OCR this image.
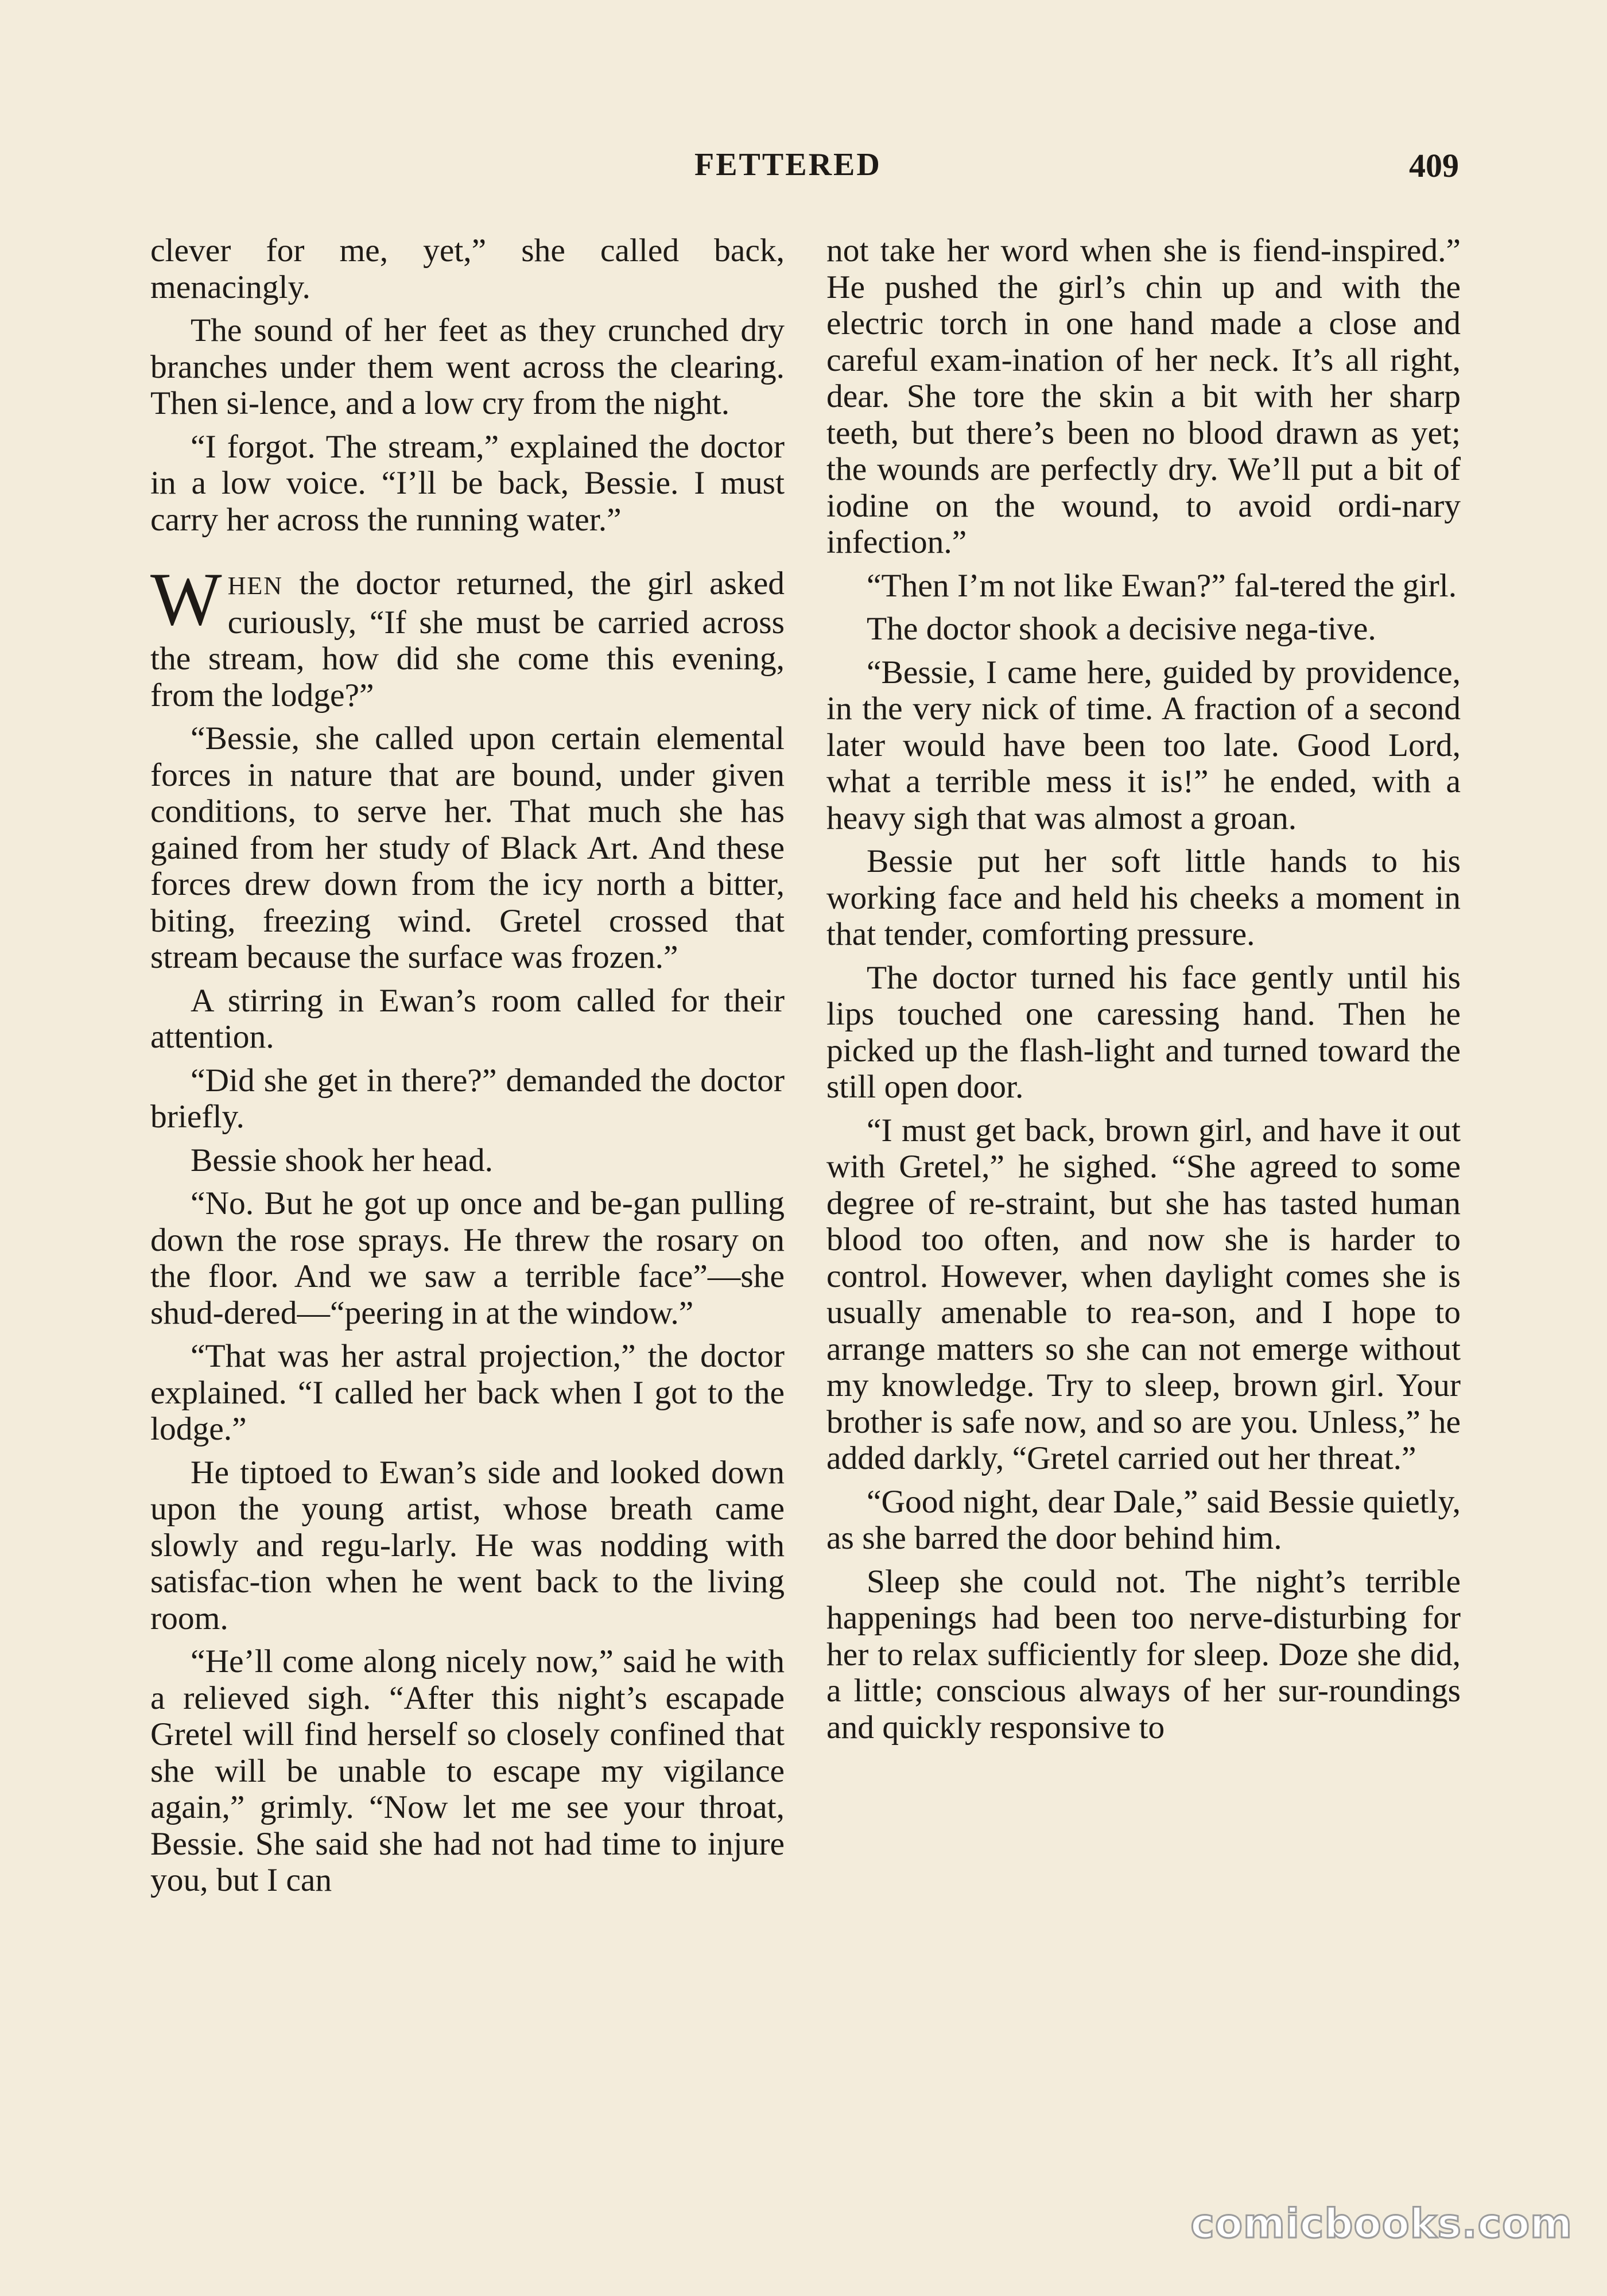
FETTERED	409

clever for me, yet,” she called back, menacingly.

The sound of her feet as they crunched dry branches under them went across the clearing. Then si-lence, and a low cry from the night.

“I forgot. The stream,” explained the doctor in a low voice. “I’ll be back, Bessie. I must carry her across the running water.”

WHEN the doctor returned, the girl asked curiously, “If she must be carried across the stream, how did she come this evening, from the lodge?”

“Bessie, she called upon certain elemental forces in nature that are bound, under given conditions, to serve her. That much she has gained from her study of Black Art. And these forces drew down from the icy north a bitter, biting, freezing wind. Gretel crossed that stream because the surface was frozen.”

A stirring in Ewan’s room called for their attention.

“Did she get in there?” demanded the doctor briefly.

Bessie shook her head.

“No. But he got up once and be-gan pulling down the rose sprays. He threw the rosary on the floor. And we saw a terrible face”—she shud-dered—“peering in at the window.”

“That was her astral projection,” the doctor explained. “I called her back when I got to the lodge.”

He tiptoed to Ewan’s side and looked down upon the young artist, whose breath came slowly and regu-larly. He was nodding with satisfac-tion when he went back to the living room.

“He’ll come along nicely now,” said he with a relieved sigh. “After this night’s escapade Gretel will find herself so closely confined that she will be unable to escape my vigilance again,” grimly. “Now let me see your throat, Bessie. She said she had not had time to injure you, but I can

not take her word when she is fiend-inspired.” He pushed the girl’s chin up and with the electric torch in one hand made a close and careful exam-ination of her neck. It’s all right, dear. She tore the skin a bit with her sharp teeth, but there’s been no blood drawn as yet; the wounds are perfectly dry. We’ll put a bit of iodine on the wound, to avoid ordi-nary infection.”

“Then I’m not like Ewan?” fal-tered the girl.

The doctor shook a decisive nega-tive.

“Bessie, I came here, guided by providence, in the very nick of time. A fraction of a second later would have been too late. Good Lord, what a terrible mess it is!” he ended, with a heavy sigh that was almost a groan.

Bessie put her soft little hands to his working face and held his cheeks a moment in that tender, comforting pressure.

The doctor turned his face gently until his lips touched one caressing hand. Then he picked up the flash-light and turned toward the still open door.

“I must get back, brown girl, and have it out with Gretel,” he sighed. “She agreed to some degree of re-straint, but she has tasted human blood too often, and now she is harder to control. However, when daylight comes she is usually amenable to rea-son, and I hope to arrange matters so she can not emerge without my knowledge. Try to sleep, brown girl. Your brother is safe now, and so are you. Unless,” he added darkly, “Gretel carried out her threat.”

“Good night, dear Dale,” said Bessie quietly, as she barred the door behind him.

Sleep she could not. The night’s terrible happenings had been too nerve-disturbing for her to relax sufficiently for sleep. Doze she did, a little; conscious always of her sur-roundings and quickly responsive to

comicbooks.com
